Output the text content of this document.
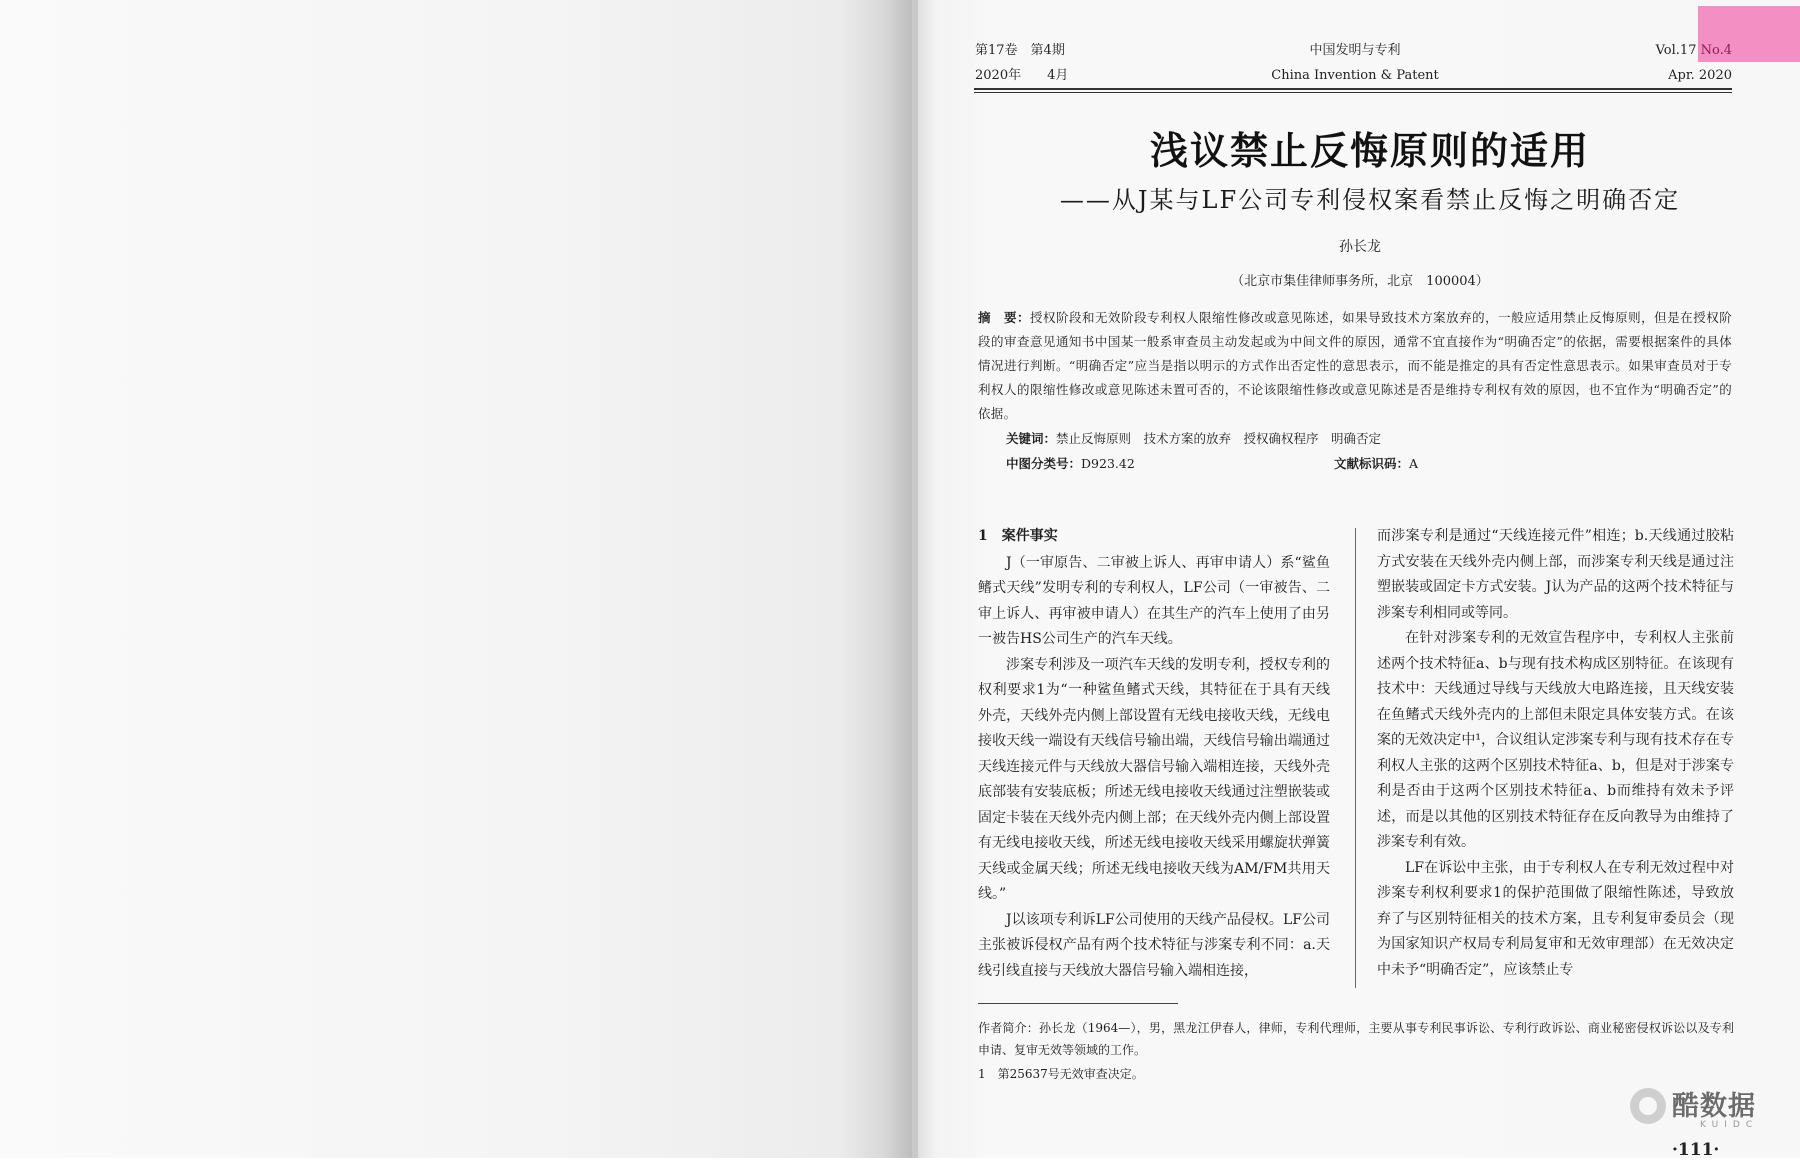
第17卷　第4期
2020年　　4月
中国发明与专利
China Invention & Patent
Vol.17 No.4
Apr. 2020
浅议禁止反悔原则的适用
——从J某与LF公司专利侵权案看禁止反悔之明确否定
孙长龙
（北京市集佳律师事务所，北京　100004）
摘　要：授权阶段和无效阶段专利权人限缩性修改或意见陈述，如果导致技术方案放弃的，一般应适用禁止反悔原则，但是在授权阶段的审查意见通知书中国某一般系审查员主动发起或为中间文件的原因，通常不宜直接作为“明确否定”的依据，需要根据案件的具体情况进行判断。“明确否定”应当是指以明示的方式作出否定性的意思表示，而不能是推定的具有否定性意思表示。如果审查员对于专利权人的限缩性修改或意见陈述未置可否的，不论该限缩性修改或意见陈述是否是维持专利权有效的原因，也不宜作为“明确否定”的依据。
关键词：禁止反悔原则　技术方案的放弃　授权确权程序　明确否定
中图分类号：D923.42	文献标识码：A
1 案件事实

J（一审原告、二审被上诉人、再审申请人）系“鲨鱼鳍式天线”发明专利的专利权人，LF公司（一审被告、二审上诉人、再审被申请人）在其生产的汽车上使用了由另一被告HS公司生产的汽车天线。

涉案专利涉及一项汽车天线的发明专利，授权专利的权利要求1为“一种鲨鱼鳍式天线，其特征在于具有天线外壳，天线外壳内侧上部设置有无线电接收天线，无线电接收天线一端设有天线信号输出端，天线信号输出端通过天线连接元件与天线放大器信号输入端相连接，天线外壳底部装有安装底板；所述无线电接收天线通过注塑嵌装或固定卡装在天线外壳内侧上部；在天线外壳内侧上部设置有无线电接收天线，所述无线电接收天线采用螺旋状弹簧天线或金属天线；所述无线电接收天线为AM/FM共用天线。”

J以该项专利诉LF公司使用的天线产品侵权。LF公司主张被诉侵权产品有两个技术特征与涉案专利不同：a.天线引线直接与天线放大器信号输入端相连接，

而涉案专利是通过“天线连接元件”相连；b.天线通过胶粘方式安装在天线外壳内侧上部，而涉案专利天线是通过注塑嵌装或固定卡方式安装。J认为产品的这两个技术特征与涉案专利相同或等同。

在针对涉案专利的无效宣告程序中，专利权人主张前述两个技术特征a、b与现有技术构成区别特征。在该现有技术中：天线通过导线与天线放大电路连接，且天线安装在鱼鳍式天线外壳内的上部但未限定具体安装方式。在该案的无效决定中¹，合议组认定涉案专利与现有技术存在专利权人主张的这两个区别技术特征a、b，但是对于涉案专利是否由于这两个区别技术特征a、b而维持有效未予评述，而是以其他的区别技术特征存在反向教导为由维持了涉案专利有效。

LF在诉讼中主张，由于专利权人在专利无效过程中对涉案专利权利要求1的保护范围做了限缩性陈述，导致放弃了与区别特征相关的技术方案，且专利复审委员会（现为国家知识产权局专利局复审和无效审理部）在无效决定中未予“明确否定”，应该禁止专

作者简介：孙长龙（1964—），男，黑龙江伊春人，律师，专利代理师，主要从事专利民事诉讼、专利行政诉讼、商业秘密侵权诉讼以及专利申请、复审无效等领域的工作。
1　第25637号无效审查决定。
酷数据
KUIDC
·111·
